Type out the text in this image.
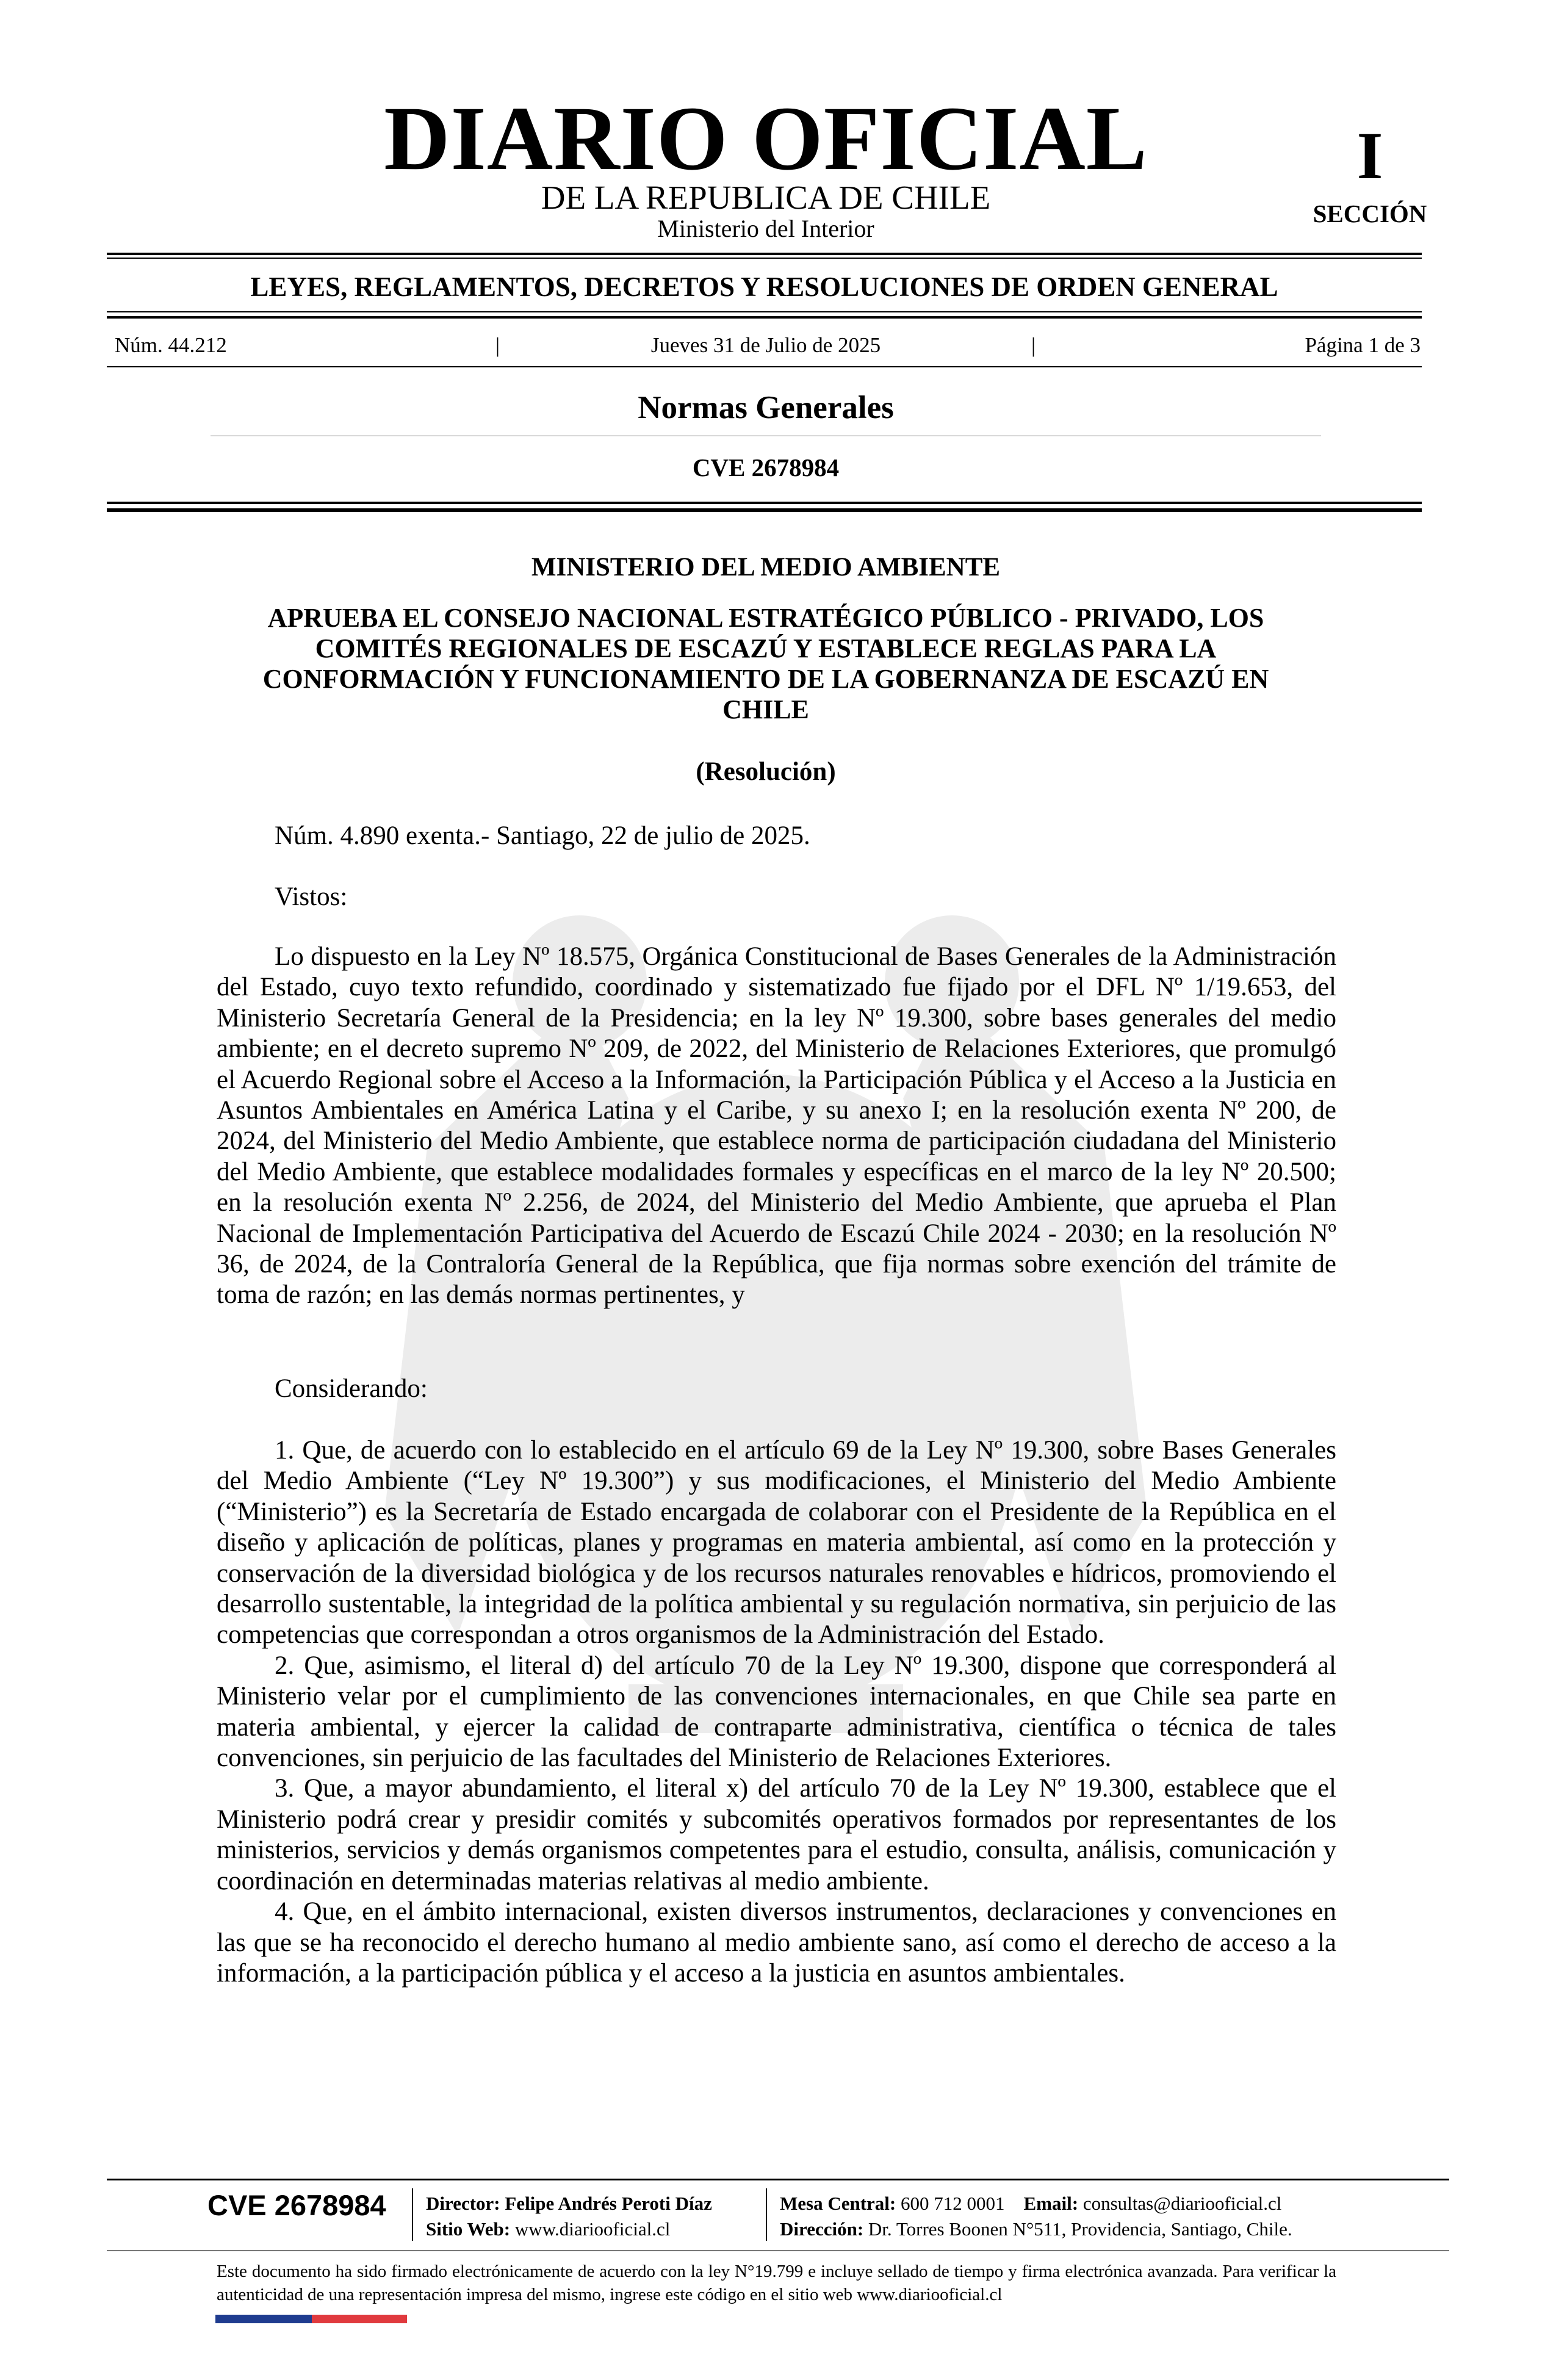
DIARIO OFICIAL
DE LA REPUBLICA DE CHILE
Ministerio del Interior
I
SECCIÓN
LEYES, REGLAMENTOS, DECRETOS Y RESOLUCIONES DE ORDEN GENERAL
Núm. 44.212	|	Jueves 31 de Julio de 2025	|	Página 1 de 3
Normas Generales
CVE 2678984
MINISTERIO DEL MEDIO AMBIENTE
APRUEBA EL CONSEJO NACIONAL ESTRATÉGICO PÚBLICO - PRIVADO, LOS COMITÉS REGIONALES DE ESCAZÚ Y ESTABLECE REGLAS PARA LA CONFORMACIÓN Y FUNCIONAMIENTO DE LA GOBERNANZA DE ESCAZÚ EN CHILE
(Resolución)
Núm. 4.890 exenta.- Santiago, 22 de julio de 2025.
Vistos:
Lo dispuesto en la Ley Nº 18.575, Orgánica Constitucional de Bases Generales de la Administración del Estado, cuyo texto refundido, coordinado y sistematizado fue fijado por el DFL Nº 1/19.653, del Ministerio Secretaría General de la Presidencia; en la ley Nº 19.300, sobre bases generales del medio ambiente; en el decreto supremo Nº 209, de 2022, del Ministerio de Relaciones Exteriores, que promulgó el Acuerdo Regional sobre el Acceso a la Información, la Participación Pública y el Acceso a la Justicia en Asuntos Ambientales en América Latina y el Caribe, y su anexo I; en la resolución exenta Nº 200, de 2024, del Ministerio del Medio Ambiente, que establece norma de participación ciudadana del Ministerio del Medio Ambiente, que establece modalidades formales y específicas en el marco de la ley Nº 20.500; en la resolución exenta Nº 2.256, de 2024, del Ministerio del Medio Ambiente, que aprueba el Plan Nacional de Implementación Participativa del Acuerdo de Escazú Chile 2024 - 2030; en la resolución Nº 36, de 2024, de la Contraloría General de la República, que fija normas sobre exención del trámite de toma de razón; en las demás normas pertinentes, y
Considerando:

1. Que, de acuerdo con lo establecido en el artículo 69 de la Ley Nº 19.300, sobre Bases Generales del Medio Ambiente (“Ley Nº 19.300”) y sus modificaciones, el Ministerio del Medio Ambiente (“Ministerio”) es la Secretaría de Estado encargada de colaborar con el Presidente de la República en el diseño y aplicación de políticas, planes y programas en materia ambiental, así como en la protección y conservación de la diversidad biológica y de los recursos naturales renovables e hídricos, promoviendo el desarrollo sustentable, la integridad de la política ambiental y su regulación normativa, sin perjuicio de las competencias que correspondan a otros organismos de la Administración del Estado.

2. Que, asimismo, el literal d) del artículo 70 de la Ley Nº 19.300, dispone que corresponderá al Ministerio velar por el cumplimiento de las convenciones internacionales, en que Chile sea parte en materia ambiental, y ejercer la calidad de contraparte administrativa, científica o técnica de tales convenciones, sin perjuicio de las facultades del Ministerio de Relaciones Exteriores.

3. Que, a mayor abundamiento, el literal x) del artículo 70 de la Ley Nº 19.300, establece que el Ministerio podrá crear y presidir comités y subcomités operativos formados por representantes de los ministerios, servicios y demás organismos competentes para el estudio, consulta, análisis, comunicación y coordinación en determinadas materias relativas al medio ambiente.

4. Que, en el ámbito internacional, existen diversos instrumentos, declaraciones y convenciones en las que se ha reconocido el derecho humano al medio ambiente sano, así como el derecho de acceso a la información, a la participación pública y el acceso a la justicia en asuntos ambientales.

CVE 2678984 Director: Felipe Andrés Peroti Díaz
Sitio Web: www.diariooficial.cl
Mesa Central: 600 712 0001 Email: consultas@diariooficial.cl
Dirección: Dr. Torres Boonen N°511, Providencia, Santiago, Chile.
Este documento ha sido firmado electrónicamente de acuerdo con la ley N°19.799 e incluye sellado de tiempo y firma electrónica avanzada. Para verificar la autenticidad de una representación impresa del mismo, ingrese este código en el sitio web www.diariooficial.cl
